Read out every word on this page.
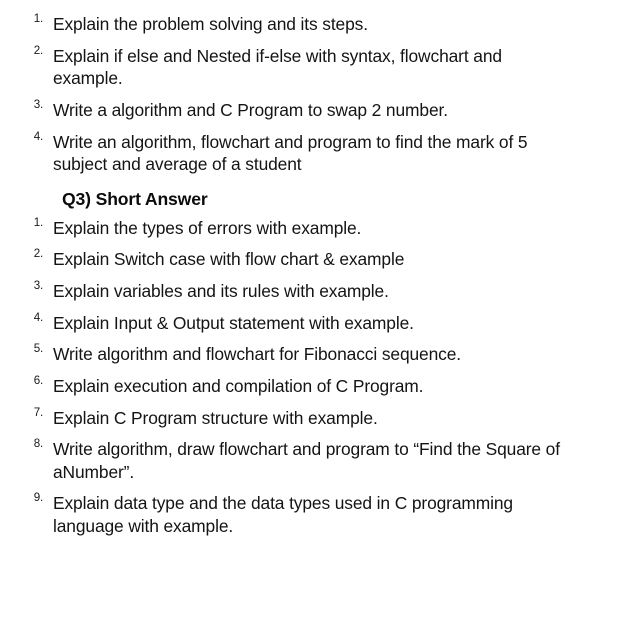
1. Explain the problem solving and its steps.
2. Explain if else and Nested if-else with syntax, flowchart and example.
3. Write a algorithm and C Program to swap 2 number.
4. Write an algorithm, flowchart and program to find the mark of 5 subject and average of a student
Q3) Short Answer
1. Explain the types of errors with example.
2. Explain Switch case with flow chart & example
3. Explain variables and its rules with example.
4. Explain Input & Output statement with example.
5. Write algorithm and flowchart for Fibonacci sequence.
6. Explain execution and compilation of C Program.
7. Explain C Program structure with example.
8. Write algorithm, draw flowchart and program to “Find the Square of aNumber”.
9. Explain data type and the data types used in C programming language with example.
